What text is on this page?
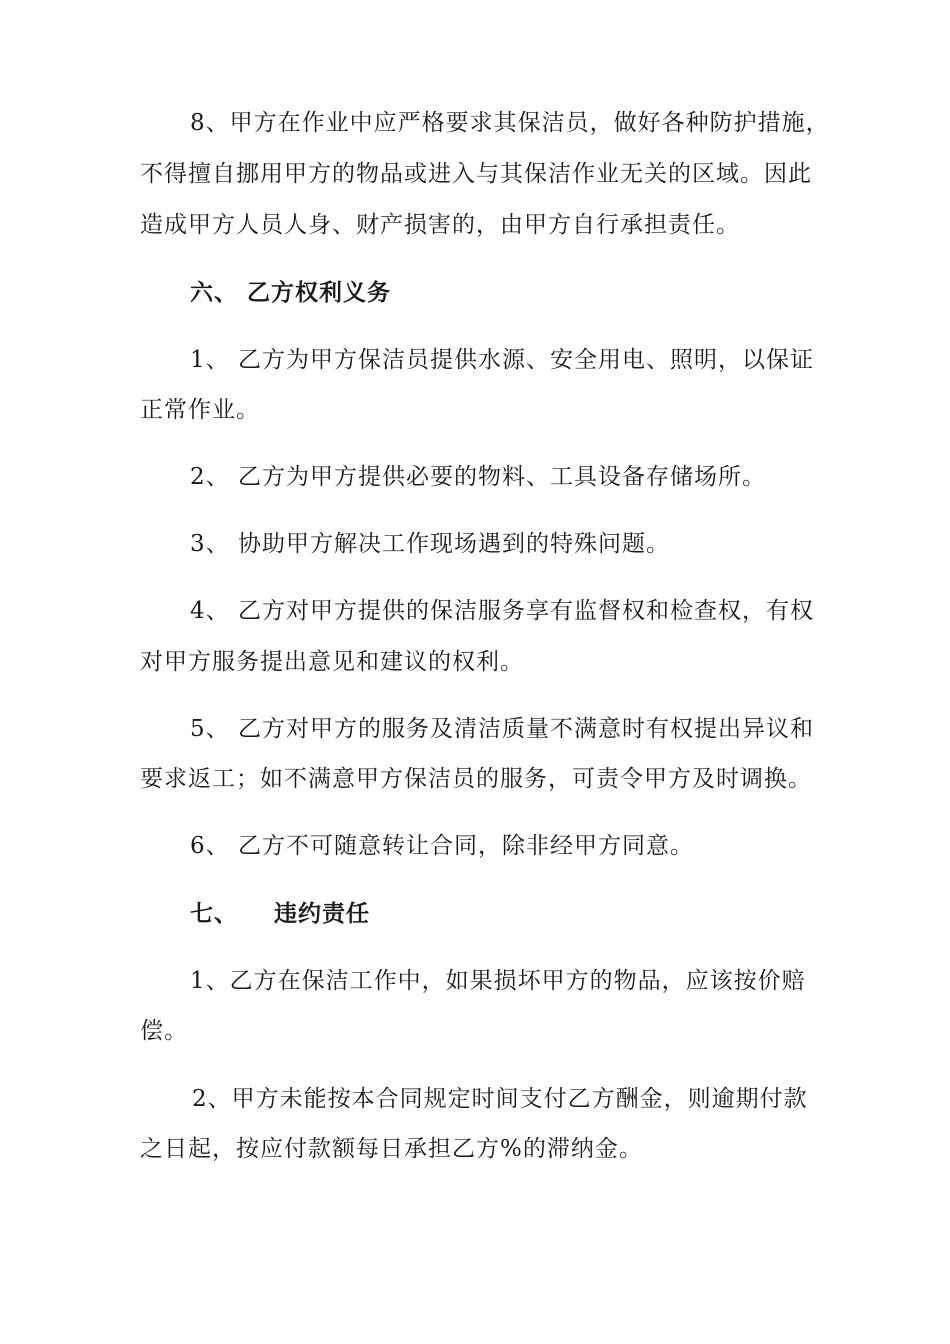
8、甲方在作业中应严格要求其保洁员，做好各种防护措施，
不得擅自挪用甲方的物品或进入与其保洁作业无关的区域。因此
造成甲方人员人身、财产损害的，由甲方自行承担责任。
六、 乙方权利义务
1、 乙方为甲方保洁员提供水源、安全用电、照明，以保证
正常作业。
2、 乙方为甲方提供必要的物料、工具设备存储场所。
3、 协助甲方解决工作现场遇到的特殊问题。
4、 乙方对甲方提供的保洁服务享有监督权和检查权，有权
对甲方服务提出意见和建议的权利。
5、 乙方对甲方的服务及清洁质量不满意时有权提出异议和
要求返工；如不满意甲方保洁员的服务，可责令甲方及时调换。
6、 乙方不可随意转让合同，除非经甲方同意。
七、    违约责任
1、乙方在保洁工作中，如果损坏甲方的物品，应该按价赔
偿。
2、甲方未能按本合同规定时间支付乙方酬金，则逾期付款
之日起，按应付款额每日承担乙方%的滞纳金。
